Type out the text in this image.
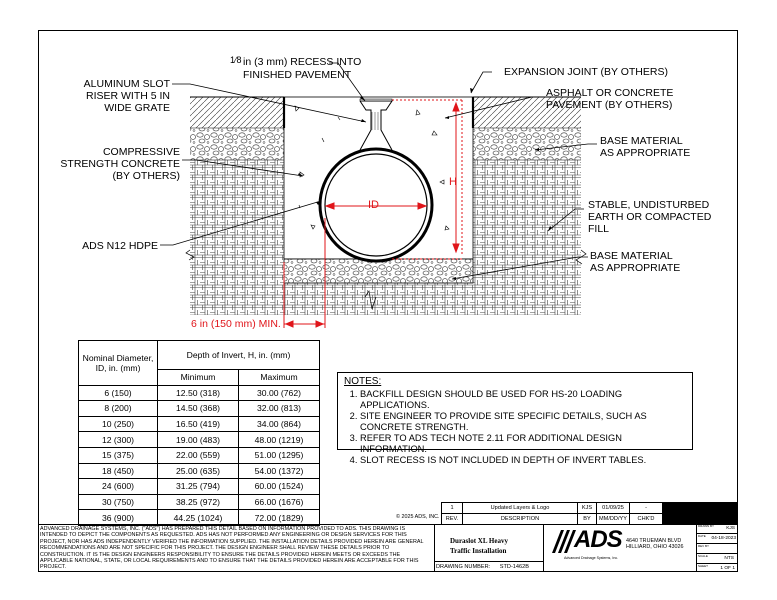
1⁄8 in (3 mm) RECESS INTO
FINISHED PAVEMENT	EXPANSION JOINT (BY OTHERS)
ALUMINUM SLOT
RISER WITH 5 IN
WIDE GRATE
ASPHALT OR CONCRETE
PAVEMENT (BY OTHERS)
BASE MATERIAL
AS APPROPRIATE
COMPRESSIVE
STRENGTH CONCRETE
(BY OTHERS)
STABLE, UNDISTURBED
EARTH OR COMPACTED
FILL
ADS N12 HDPE
BASE MATERIAL
AS APPROPRIATE
ID
H
6 in (150 mm) MIN.
Nominal Diameter,
ID, in. (mm)	Depth of Invert, H, in. (mm)	
	Minimum	Maximum
6 (150)	12.50 (318)	30.00 (762)
8 (200)	14.50 (368)	32.00 (813)
10 (250)	16.50 (419)	34.00 (864)
12 (300)	19.00 (483)	48.00 (1219)
15 (375)	22.00 (559)	51.00 (1295)
18 (450)	25.00 (635)	54.00 (1372)
24 (600)	31.25 (794)	60.00 (1524)
30 (750)	38.25 (972)	66.00 (1676)
36 (900)	44.25 (1024)	72.00 (1829)
NOTES:
1. BACKFILL DESIGN SHOULD BE USED FOR HS-20 LOADING APPLICATIONS.
2. SITE ENGINEER TO PROVIDE SITE SPECIFIC DETAILS, SUCH AS CONCRETE STRENGTH.
3. REFER TO ADS TECH NOTE 2.11 FOR ADDITIONAL DESIGN INFORMATION.
4. SLOT RECESS IS NOT INCLUDED IN DEPTH OF INVERT TABLES.
© 2025 ADS, INC.
1	Updated Layers & Logo	KJS	01/09/25	-
REV.	DESCRIPTION	BY	MM/DD/YY	CHK'D
ADVANCED DRAINAGE SYSTEMS, INC. ("ADS") HAS PREPARED THIS DETAIL BASED ON INFORMATION PROVIDED TO ADS. THIS DRAWING IS INTENDED TO DEPICT THE COMPONENTS AS REQUESTED. ADS HAS NOT PERFORMED ANY ENGINEERING OR DESIGN SERVICES FOR THIS PROJECT, NOR HAS ADS INDEPENDENTLY VERIFIED THE INFORMATION SUPPLIED. THE INSTALLATION DETAILS PROVIDED HEREIN ARE GENERAL RECOMMENDATIONS AND ARE NOT SPECIFIC FOR THIS PROJECT. THE DESIGN ENGINEER SHALL REVIEW THESE DETAILS PRIOR TO CONSTRUCTION. IT IS THE DESIGN ENGINEERS RESPONSIBILITY TO ENSURE THE DETAILS PROVIDED HEREIN MEETS OR EXCEEDS THE APPLICABLE NATIONAL, STATE, OR LOCAL REQUIREMENTS AND TO ENSURE THAT THE DETAILS PROVIDED HEREIN ARE ACCEPTABLE FOR THIS PROJECT.
Duraslot XL Heavy
Traffic Installation
DRAWING NUMBER: STD-1462B
ADS
Advanced Drainage Systems, Inc.
4640 TRUEMAN BLVD
HILLIARD, OHIO 43026
DRAWN BY	KJS
DATE 04-18-2023
REV BY
SCALE	NTS
SHEET	1 OF 1
